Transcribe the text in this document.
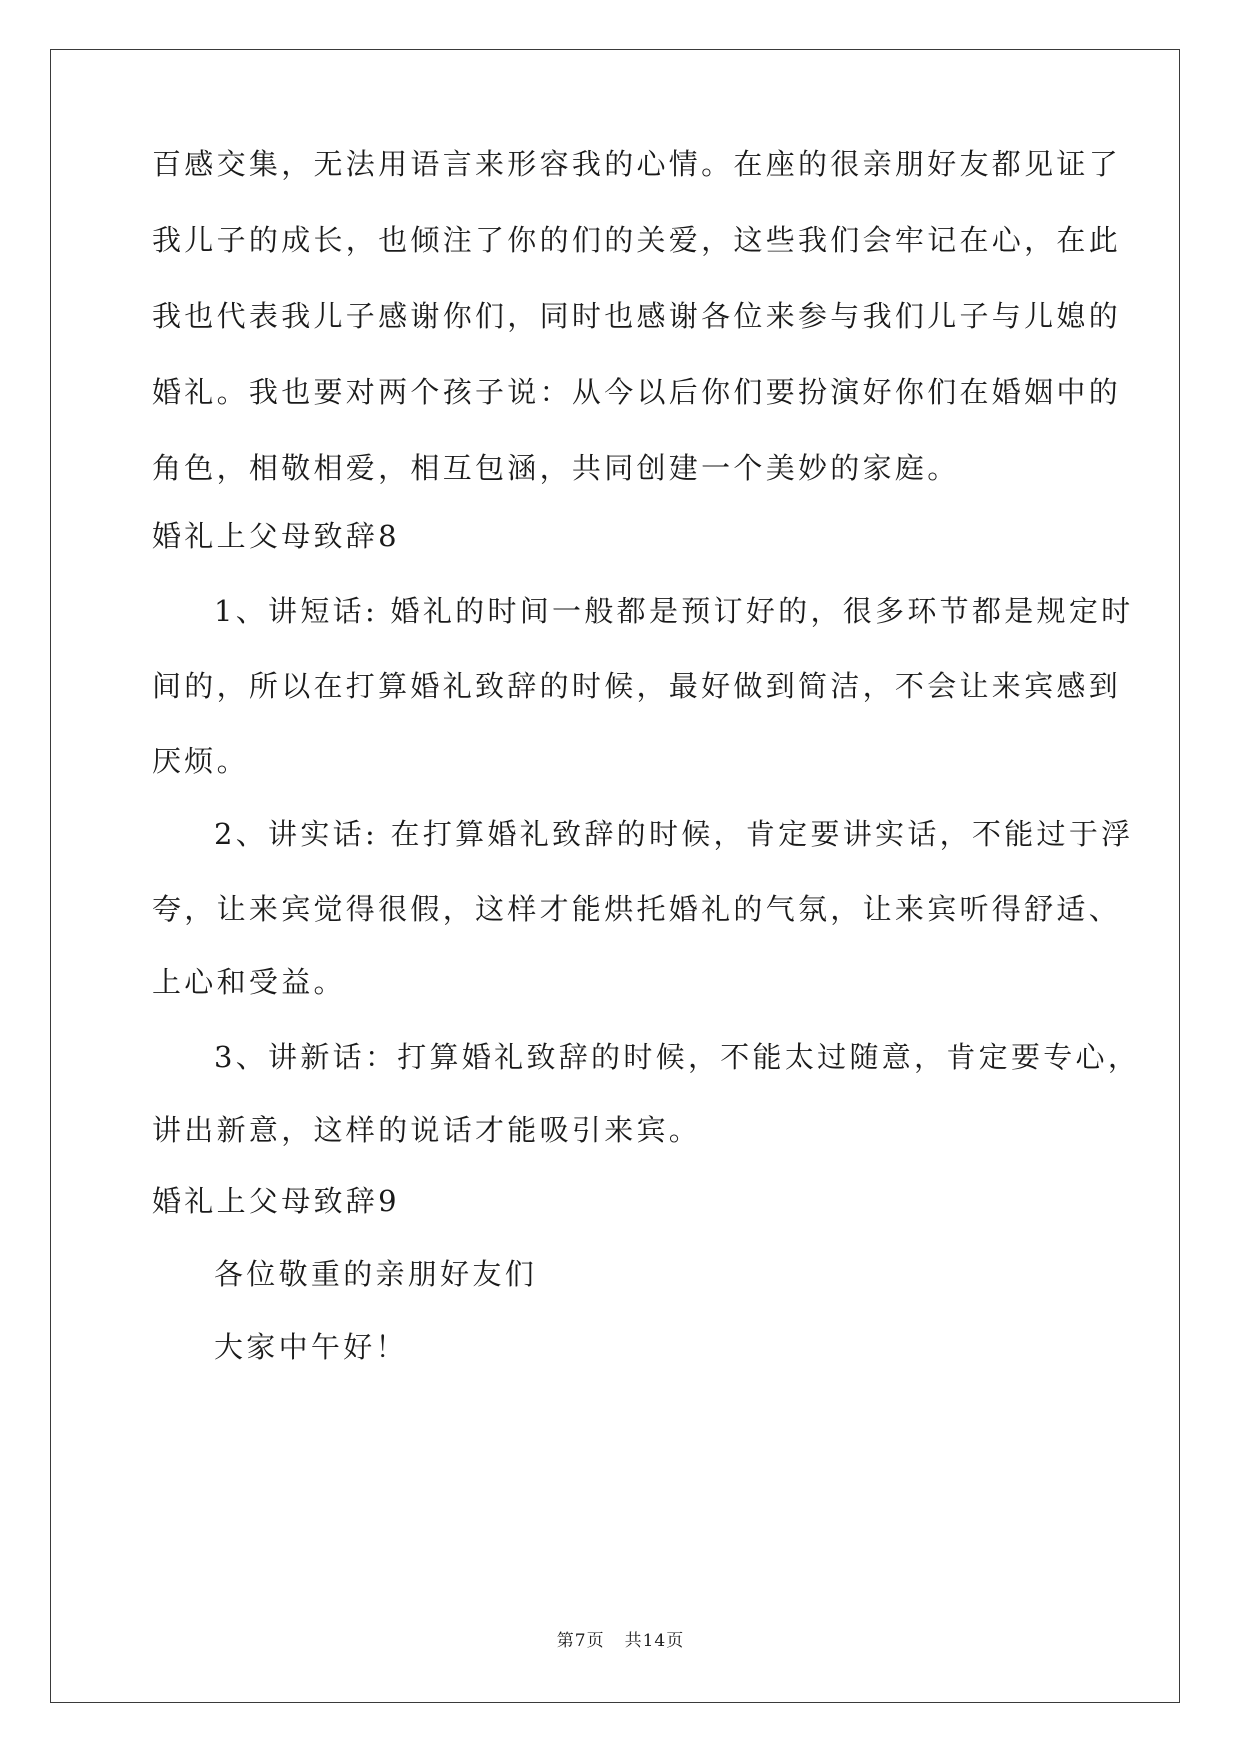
百感交集，无法用语言来形容我的心情。在座的很亲朋好友都见证了
我儿子的成长，也倾注了你的们的关爱，这些我们会牢记在心，在此
我也代表我儿子感谢你们，同时也感谢各位来参与我们儿子与儿媳的
婚礼。我也要对两个孩子说：从今以后你们要扮演好你们在婚姻中的
角色，相敬相爱，相互包涵，共同创建一个美妙的家庭。
婚礼上父母致辞8
1、讲短话: 婚礼的时间一般都是预订好的，很多环节都是规定时
间的，所以在打算婚礼致辞的时候，最好做到简洁，不会让来宾感到
厌烦。
2、讲实话: 在打算婚礼致辞的时候，肯定要讲实话，不能过于浮
夸，让来宾觉得很假，这样才能烘托婚礼的气氛，让来宾听得舒适、
上心和受益。
3、讲新话：打算婚礼致辞的时候，不能太过随意，肯定要专心，
讲出新意，这样的说话才能吸引来宾。
婚礼上父母致辞9
各位敬重的亲朋好友们
大家中午好！
第7页 共14页
